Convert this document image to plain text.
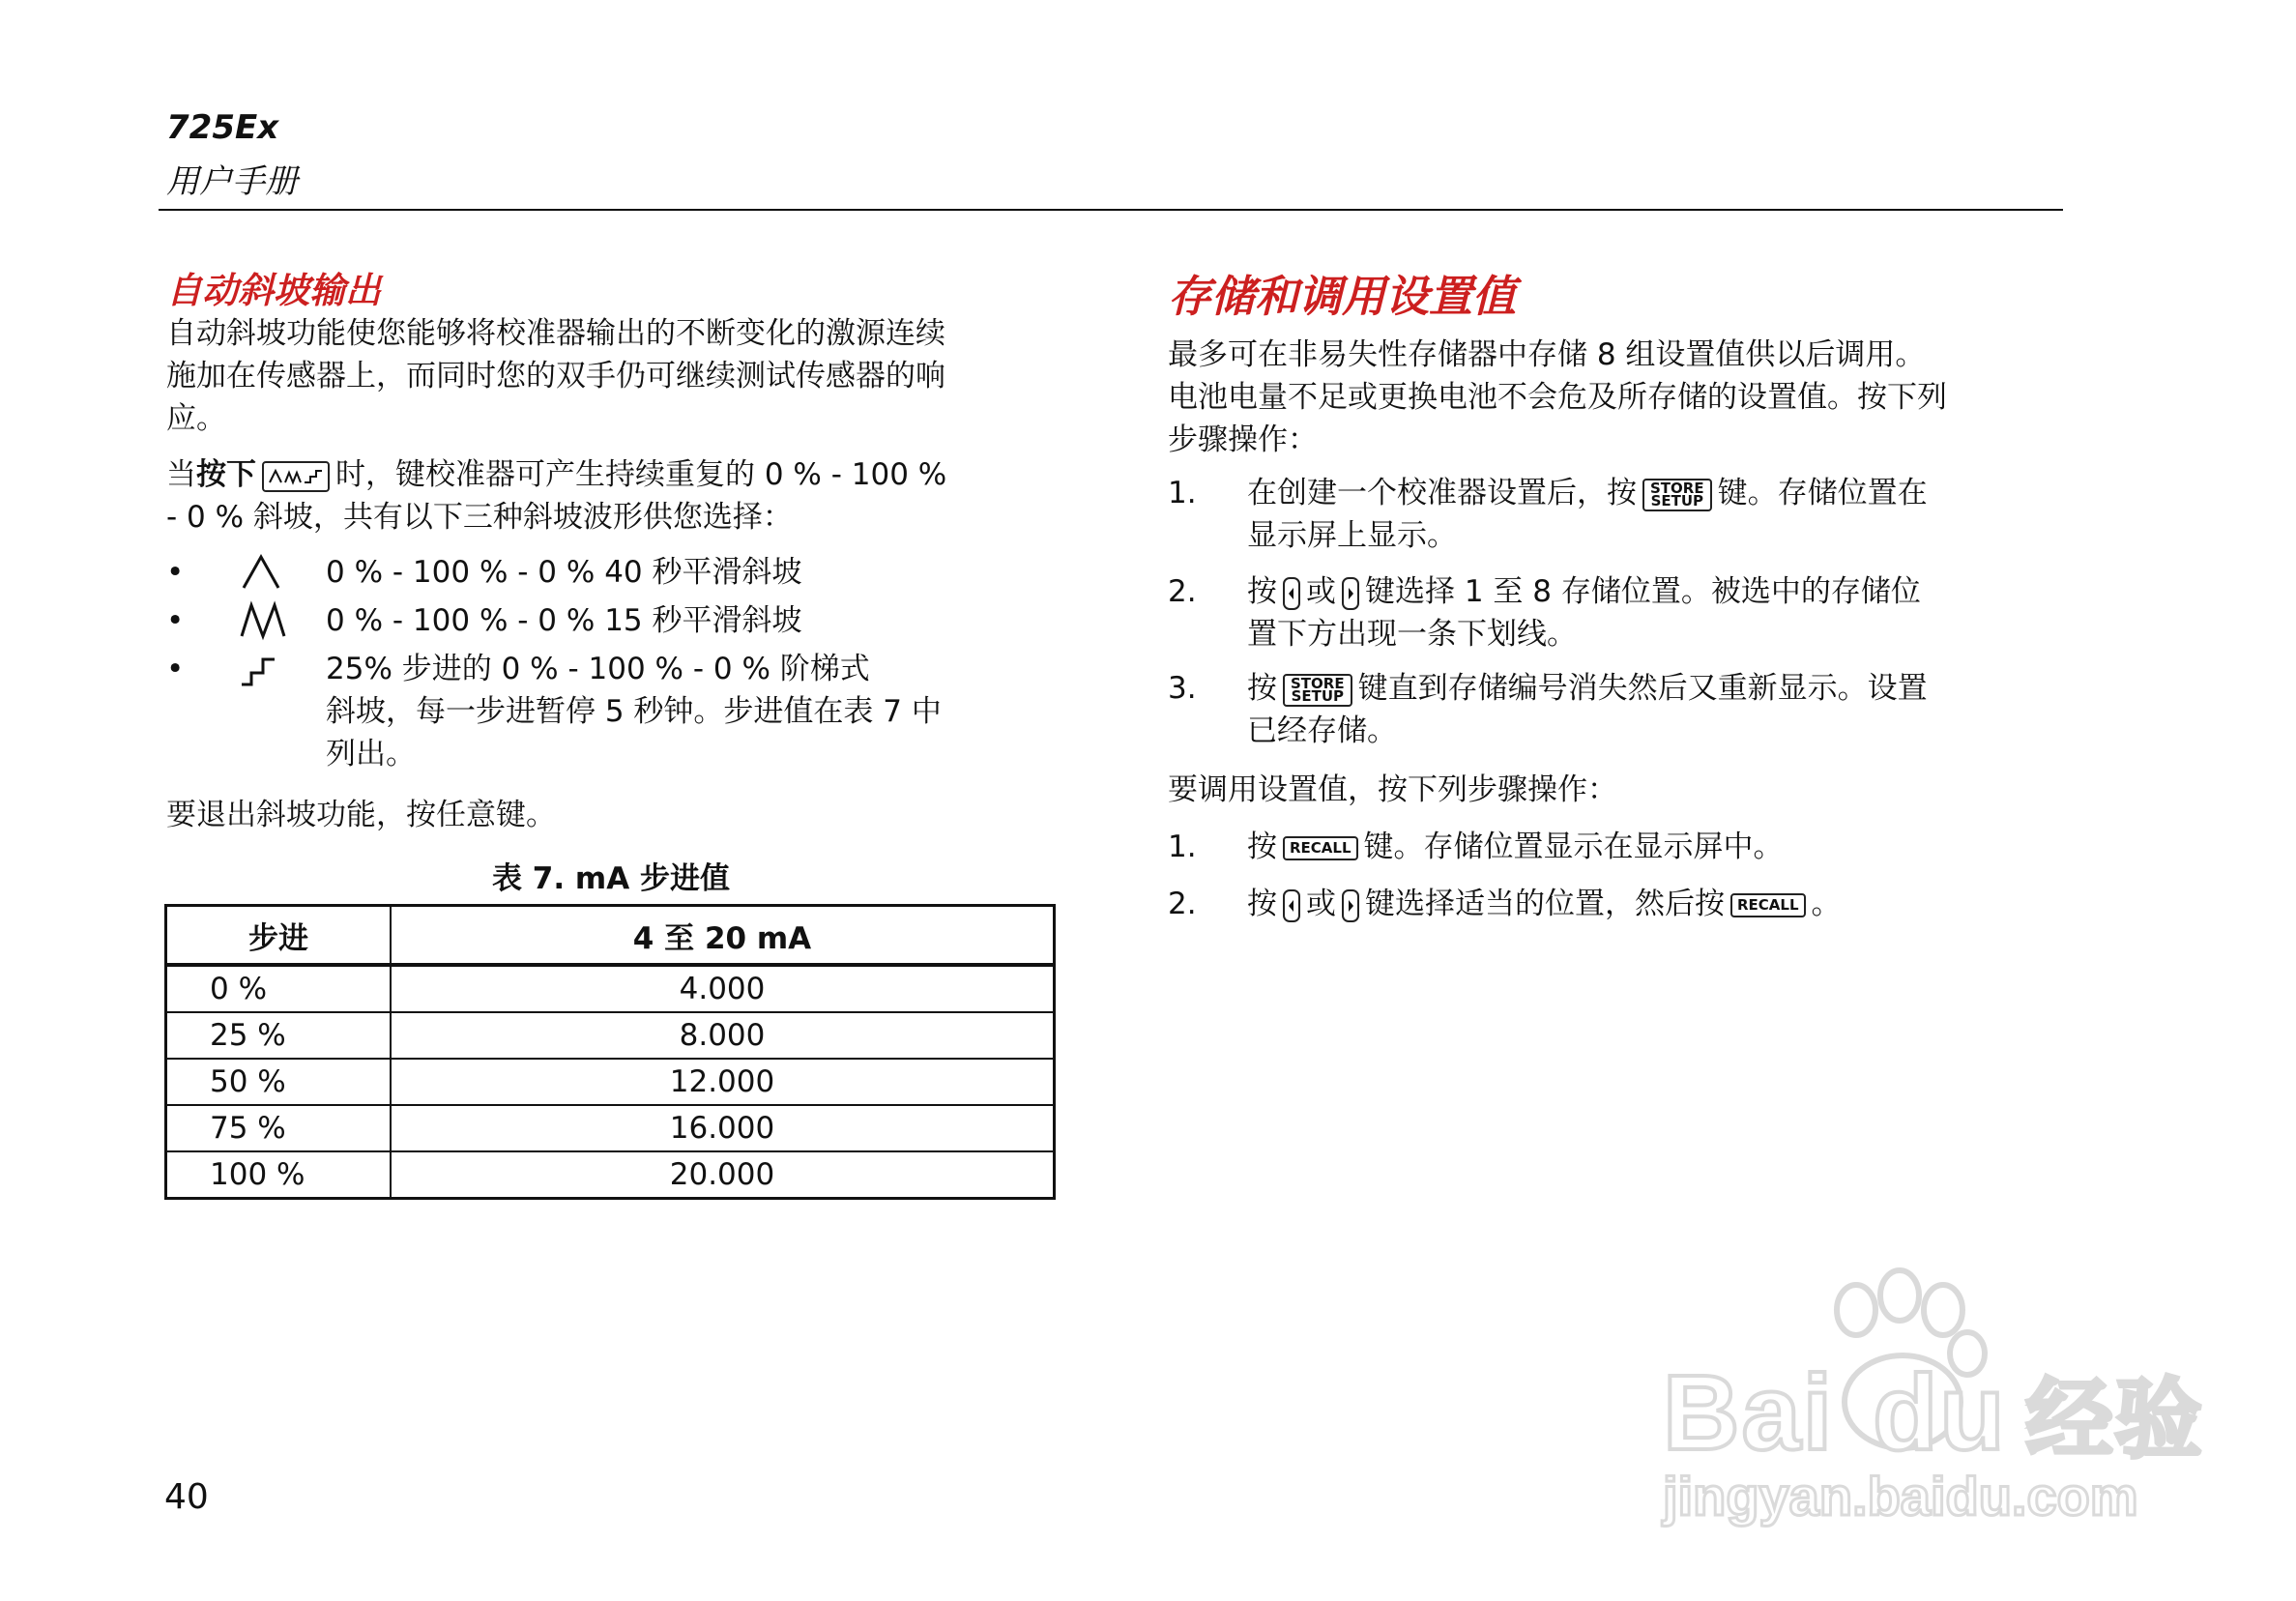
725Ex
用户手册
自动斜坡输出
自动斜坡功能使您能够将校准器输出的不断变化的激源连续
施加在传感器上，而同时您的双手仍可继续测试传感器的响
应。
当按下	时，键校准器可产生持续重复的 0 % - 100 %
- 0 % 斜坡，共有以下三种斜坡波形供您选择：
•	0 % - 100 % - 0 % 40 秒平滑斜坡
•	0 % - 100 % - 0 % 15 秒平滑斜坡
•	25% 步进的 0 % - 100 % - 0 % 阶梯式
斜坡，每一步进暂停 5 秒钟。步进值在表 7 中
列出。
要退出斜坡功能，按任意键。
表 7. mA 步进值
步进	4 至 20 mA
0 %	4.000
25 %	8.000
50 %	12.000
75 %	16.000
100 %	20.000
存储和调用设置值
最多可在非易失性存储器中存储 8 组设置值供以后调用。
电池电量不足或更换电池不会危及所存储的设置值。按下列
步骤操作：
1. 在创建一个校准器设置后，按 STORE
SETUP 键。存储位置在
显示屏上显示。
2. 按 或 键选择 1 至 8 存储位置。被选中的存储位
置下方出现一条下划线。
3. 按 STORE
SETUP 键直到存储编号消失然后又重新显示。设置
已经存储。
要调用设置值，按下列步骤操作：
1. 按 RECALL 键。存储位置显示在显示屏中。
2. 按 或 键选择适当的位置，然后按 RECALL 。
40
Bai du 经验
jingyan.baidu.com
